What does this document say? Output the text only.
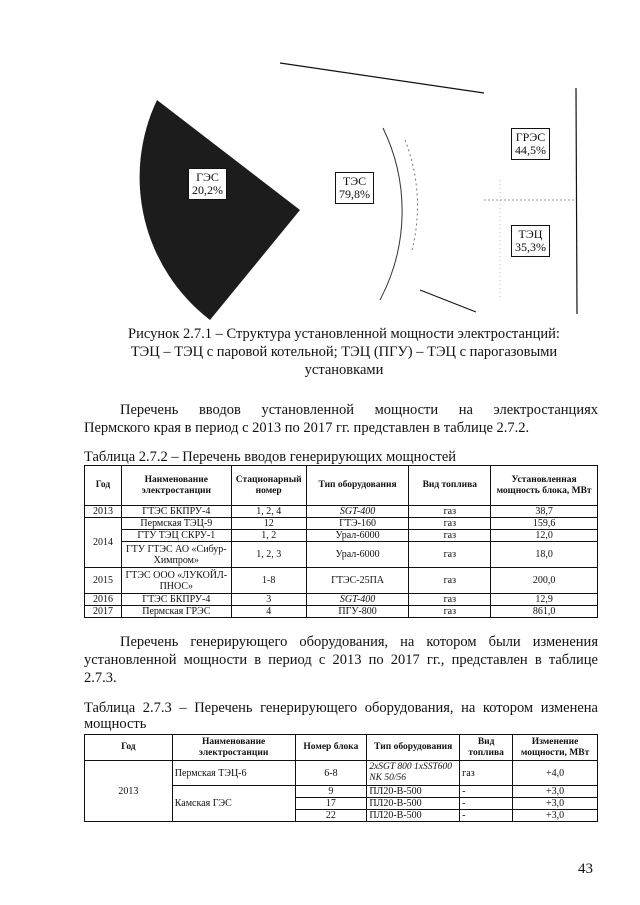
ГЭС
20,2%
ТЭС
79,8%
ГРЭС
44,5%
ТЭЦ
35,3%
Рисунок 2.7.1 – Структура установленной мощности электростанций:
ТЭЦ – ТЭЦ с паровой котельной; ТЭЦ (ПГУ) – ТЭЦ с парогазовыми
установками
Перечень вводов установленной мощности на электростанциях
Пермского края в период с 2013 по 2017 гг. представлен в таблице 2.7.2.
Таблица 2.7.2 – Перечень вводов генерирующих мощностей
Год	Наименование электростанции	Стационарный номер	Тип оборудования	Вид топлива	Установленная мощность блока, МВт
2013	ГТЭС БКПРУ-4	1, 2, 4	SGT-400	газ	38,7
2014	Пермская ТЭЦ-9	12	ГТЭ-160	газ	159,6
	ГТУ ТЭЦ СКРУ-1	1, 2	Урал-6000	газ	12,0
	ГТУ ГТЭС АО «Сибур-Химпром»	1, 2, 3	Урал-6000	газ	18,0
2015	ГТЭС ООО «ЛУКОЙЛ-ПНОС»	1-8	ГТЭС-25ПА	газ	200,0
2016	ГТЭС БКПРУ-4	3	SGT-400	газ	12,9
2017	Пермская ГРЭС	4	ПГУ-800	газ	861,0
Перечень генерирующего оборудования, на котором были изменения
установленной мощности в период с 2013 по 2017 гг., представлен в таблице
2.7.3.
Таблица 2.7.3 – Перечень генерирующего оборудования, на котором изменена
мощность
Год	Наименование электростанции	Номер блока	Тип оборудования	Вид топлива	Изменение мощности, МВт
2013	Пермская ТЭЦ-6	6-8	2xSGT 800 1xSST600 NK 50/56	газ	+4,0
	Камская ГЭС	9	ПЛ20-В-500	-	+3,0
		17	ПЛ20-В-500	-	+3,0
		22	ПЛ20-В-500	-	+3,0
43
